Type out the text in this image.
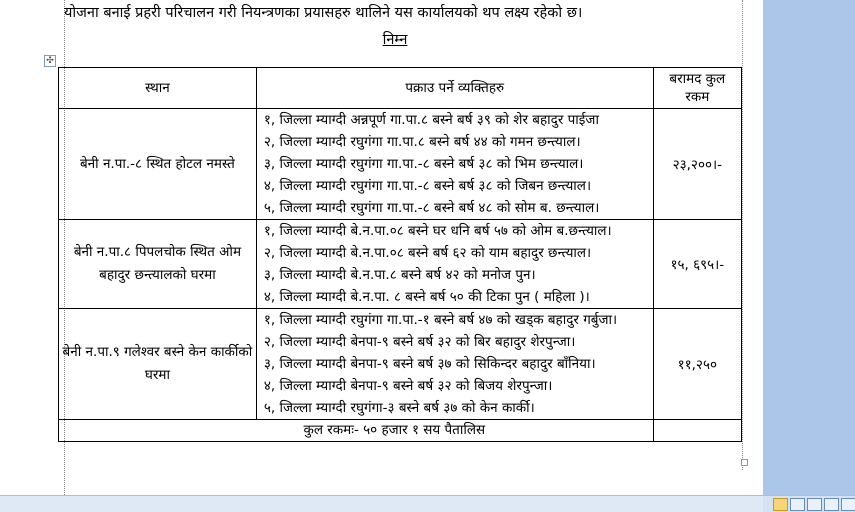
योजना बनाई प्रहरी परिचालन गरी नियन्त्रणका प्रयासहरु थालिने यस कार्यालयको थप लक्ष्य रहेको छ।
निम्न
✣
स्थान	पक्राउ पर्ने व्यक्तिहरु	बरामद कुल रकम
बेनी न.पा.-८ स्थित होटल नमस्ते	१, जिल्ला म्याग्दी अन्नपूर्ण गा.पा.८ बस्ने बर्ष ३९ को शेर बहादुर पाईजा
२, जिल्ला म्याग्दी रघुगंगा गा.पा.८ बस्ने बर्ष ४४ को गमन छन्त्याल।
३, जिल्ला म्याग्दी रघुगंगा गा.पा.-८ बस्ने बर्ष ३८ को भिम छन्त्याल।
४, जिल्ला म्याग्दी रघुगंगा गा.पा.-८ बस्ने बर्ष ३८ को जिबन छन्त्याल।
५, जिल्ला म्याग्दी रघुगंगा गा.पा.-८ बस्ने बर्ष ४८ को सोम ब. छन्त्याल।	२३,२००।-
बेनी न.पा.८ पिपलचोक स्थित ओम बहादुर छन्त्यालको घरमा	१, जिल्ला म्याग्दी बे.न.पा.०८ बस्ने घर धनि बर्ष ५७ को ओम ब.छन्त्याल।
२, जिल्ला म्याग्दी बे.न.पा.०८ बस्ने बर्ष ६२ को याम बहादुर छन्त्याल।
३, जिल्ला म्याग्दी बे.न.पा.८ बस्ने बर्ष ४२ को मनोज पुन।
४, जिल्ला म्याग्दी बे.न.पा. ८ बस्ने बर्ष ५० की टिका पुन ( महिला )।	१५, ६९५।-
बेनी न.पा.९ गलेश्वर बस्ने केन कार्कीको घरमा	१, जिल्ला म्याग्दी रघुगंगा गा.पा.-१ बस्ने बर्ष ४७ को खड्क बहादुर गर्बुजा।
२, जिल्ला म्याग्दी बेनपा-९ बस्ने बर्ष ३२ को बिर बहादुर शेरपुन्जा।
३, जिल्ला म्याग्दी बेनपा-९ बस्ने बर्ष ३७ को सिकिन्दर बहादुर बाँनिया।
४, जिल्ला म्याग्दी बेनपा-९ बस्ने बर्ष ३२ को बिजय शेरपुन्जा।
५, जिल्ला म्याग्दी रघुगंगा-३ बस्ने बर्ष ३७ को केन कार्की।	११,२५०
कुल रकमः- ५० हजार १ सय पैतालिस		
